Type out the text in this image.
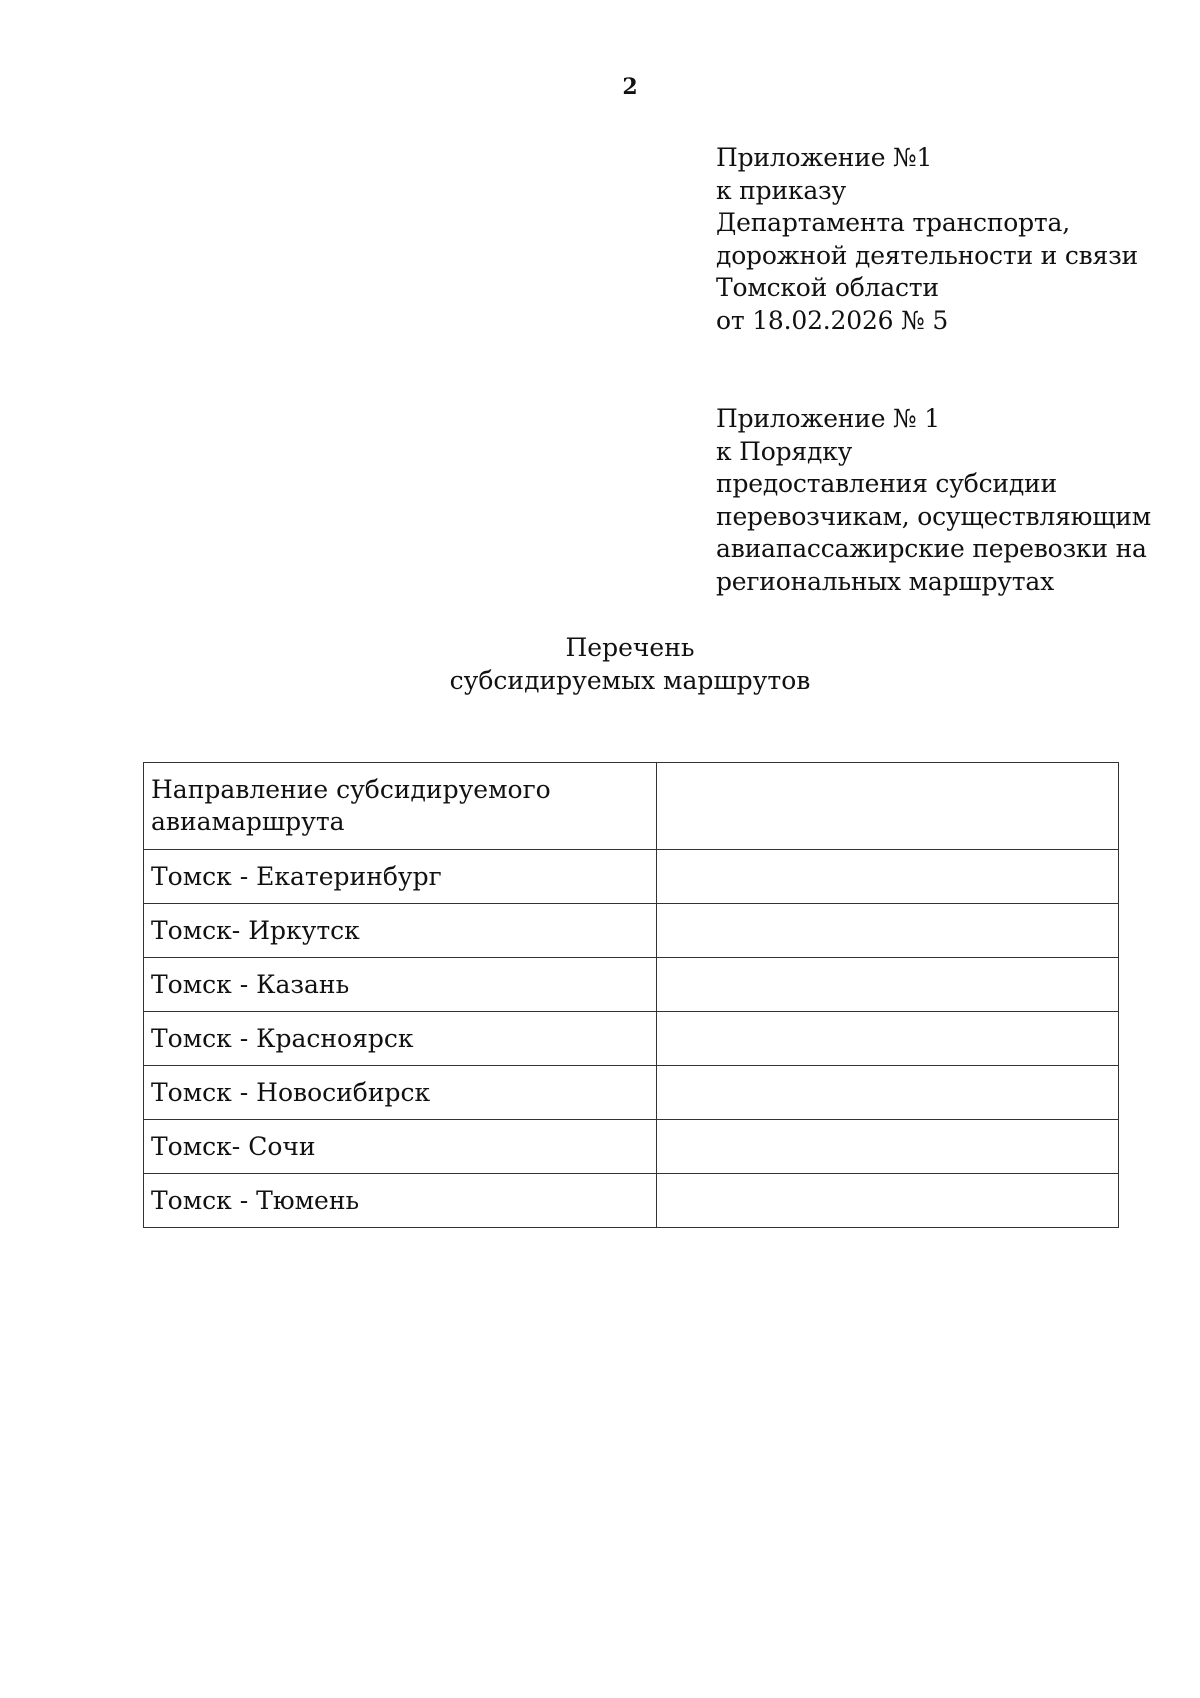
2
Приложение №1
к приказу
Департамента транспорта,
дорожной деятельности и связи
Томской области
от 18.02.2026 № 5
Приложение № 1
к Порядку
предоставления субсидии
перевозчикам, осуществляющим
авиапассажирские перевозки на
региональных маршрутах
Перечень
субсидируемых маршрутов
Направление субсидируемого
авиамаршрута	

Томск - Екатеринбург	
Томск- Иркутск	
Томск - Казань	
Томск - Красноярск	
Томск - Новосибирск	
Томск- Сочи	
Томск - Тюмень	
